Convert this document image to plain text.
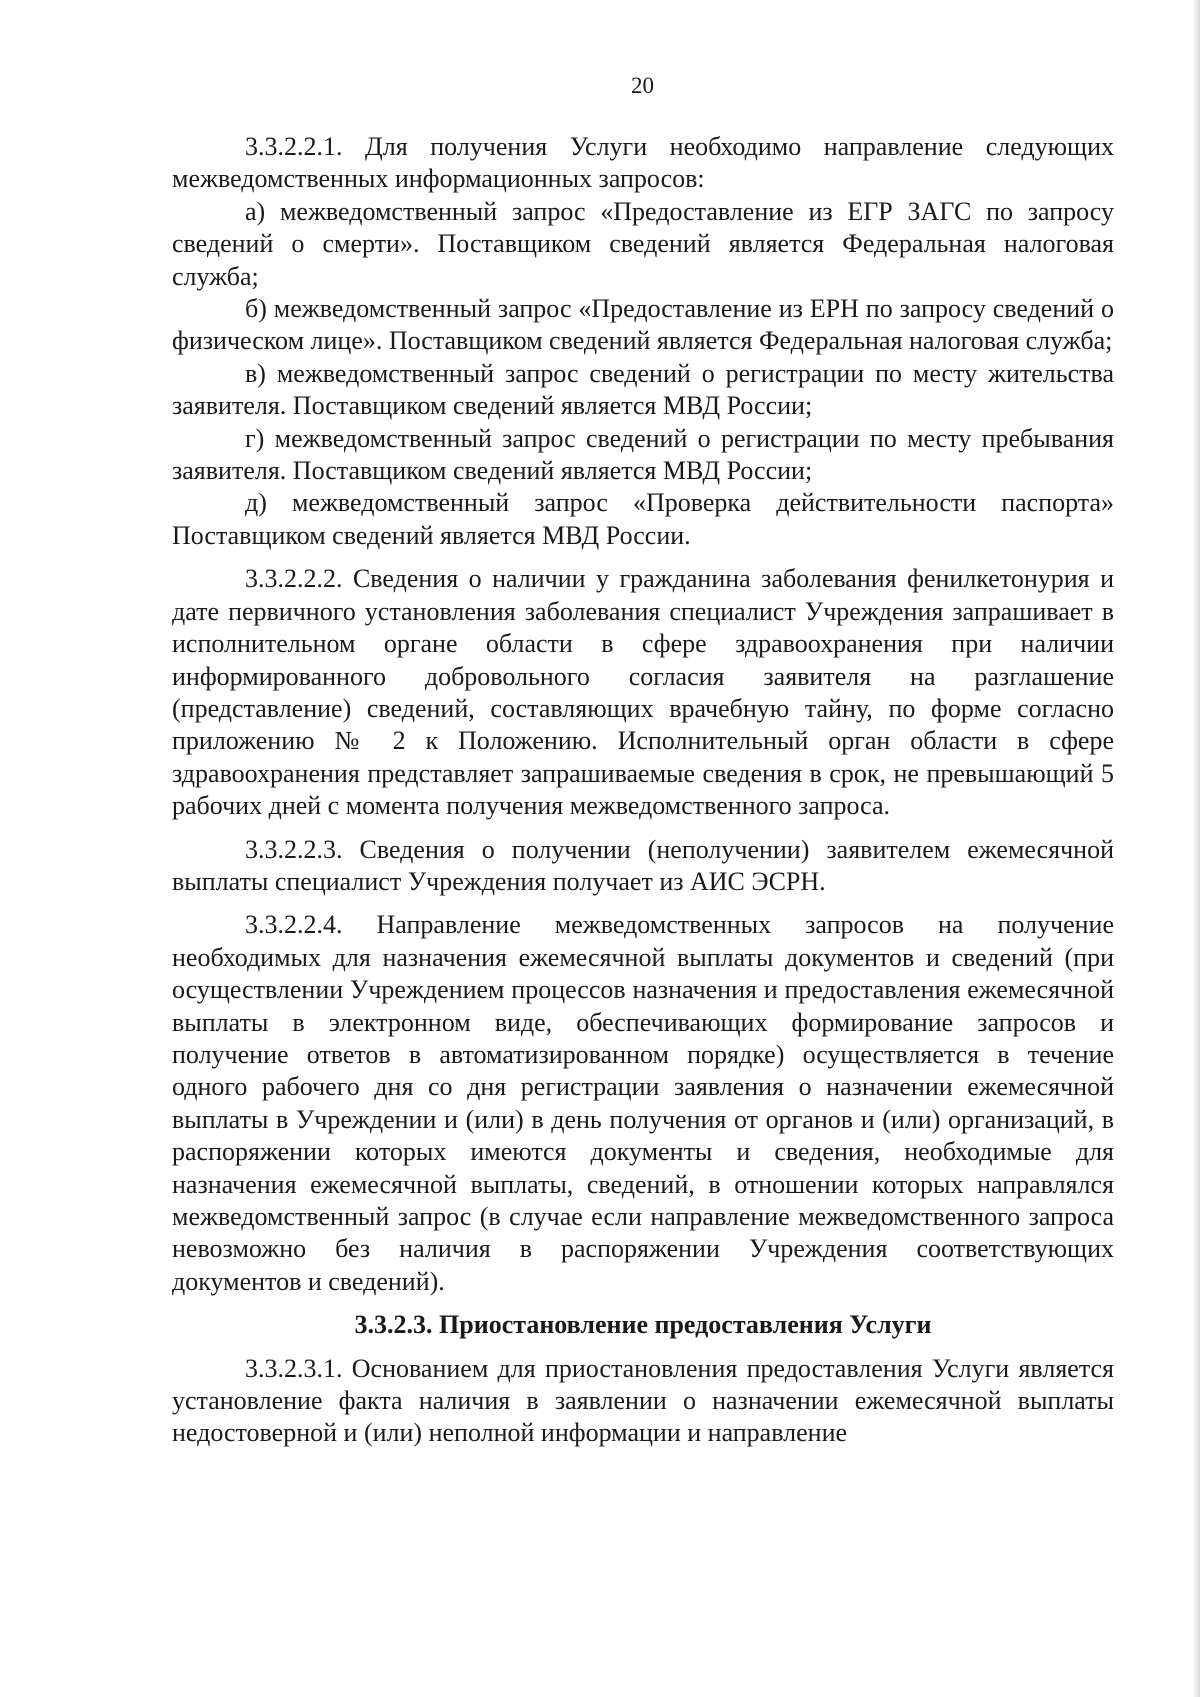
20

3.3.2.2.1. Для получения Услуги необходимо направление следующих межведомственных информационных запросов:

а) межведомственный запрос «Предоставление из ЕГР ЗАГС по запросу сведений о смерти». Поставщиком сведений является Федеральная налоговая служба;

б) межведомственный запрос «Предоставление из ЕРН по запросу сведений о физическом лице». Поставщиком сведений является Федеральная налоговая служба;

в) межведомственный запрос сведений о регистрации по месту жительства заявителя. Поставщиком сведений является МВД России;

г) межведомственный запрос сведений о регистрации по месту пребывания заявителя. Поставщиком сведений является МВД России;

д) межведомственный запрос «Проверка действительности паспорта» Поставщиком сведений является МВД России.

3.3.2.2.2. Сведения о наличии у гражданина заболевания фенилкетонурия и дате первичного установления заболевания специалист Учреждения запрашивает в исполнительном органе области в сфере здравоохранения при наличии информированного добровольного согласия заявителя на разглашение (представление) сведений, составляющих врачебную тайну, по форме согласно приложению № 2 к Положению. Исполнительный орган области в сфере здравоохранения представляет запрашиваемые сведения в срок, не превышающий 5 рабочих дней с момента получения межведомственного запроса.

3.3.2.2.3. Сведения о получении (неполучении) заявителем ежемесячной выплаты специалист Учреждения получает из АИС ЭСРН.

3.3.2.2.4. Направление межведомственных запросов на получение необходимых для назначения ежемесячной выплаты документов и сведений (при осуществлении Учреждением процессов назначения и предоставления ежемесячной выплаты в электронном виде, обеспечивающих формирование запросов и получение ответов в автоматизированном порядке) осуществляется в течение одного рабочего дня со дня регистрации заявления о назначении ежемесячной выплаты в Учреждении и (или) в день получения от органов и (или) организаций, в распоряжении которых имеются документы и сведения, необходимые для назначения ежемесячной выплаты, сведений, в отношении которых направлялся межведомственный запрос (в случае если направление межведомственного запроса невозможно без наличия в распоряжении Учреждения соответствующих документов и сведений).

3.3.2.3. Приостановление предоставления Услуги

3.3.2.3.1. Основанием для приостановления предоставления Услуги является установление факта наличия в заявлении о назначении ежемесячной выплаты недостоверной и (или) неполной информации и направление
